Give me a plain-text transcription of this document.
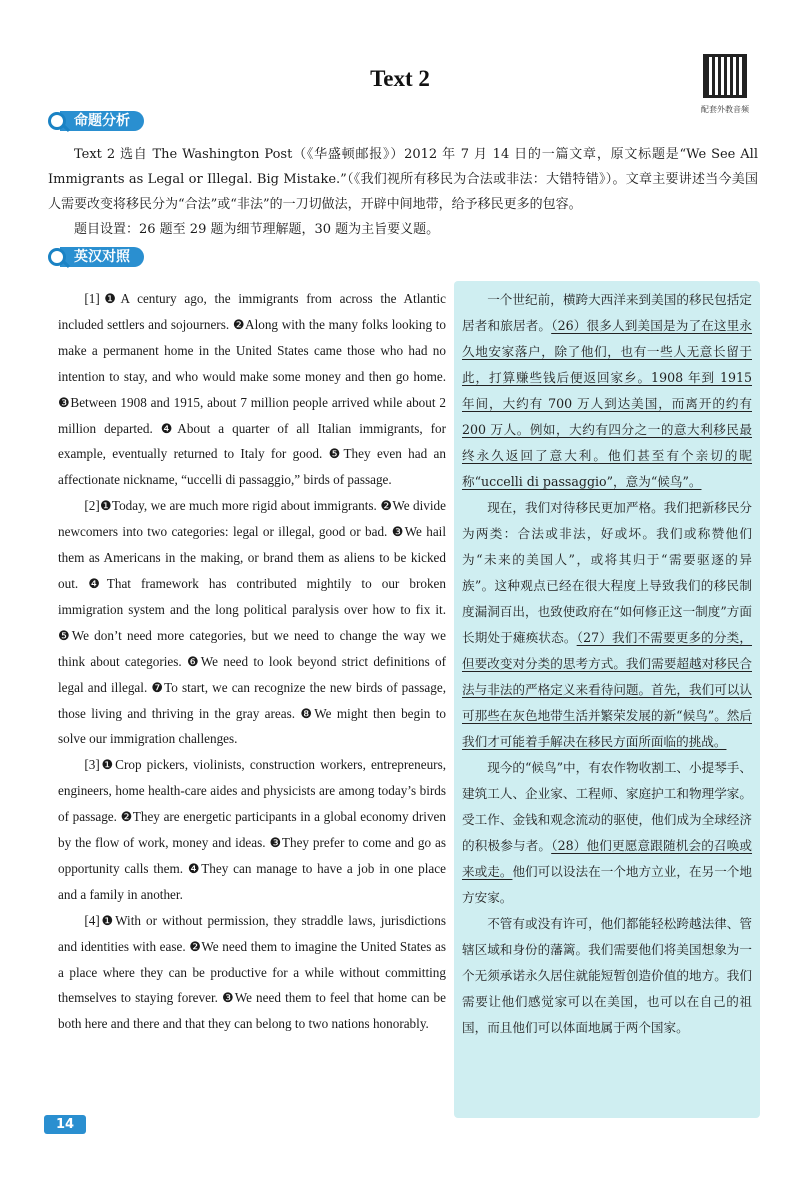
Text 2
配套外教音频
命题分析

Text 2 选自 The Washington Post（《华盛顿邮报》）2012 年 7 月 14 日的一篇文章，原文标题是“We See All Immigrants as Legal or Illegal. Big Mistake.”（《我们视所有移民为合法或非法：大错特错》）。文章主要讲述当今美国人需要改变将移民分为“合法”或“非法”的一刀切做法，开辟中间地带，给予移民更多的包容。

题目设置：26 题至 29 题为细节理解题，30 题为主旨要义题。

英汉对照

[1]❶A century ago, the immigrants from across the Atlantic included settlers and sojourners. ❷Along with the many folks looking to make a permanent home in the United States came those who had no intention to stay, and who would make some money and then go home. ❸Between 1908 and 1915, about 7 million people arrived while about 2 million departed. ❹About a quarter of all Italian immigrants, for example, eventually returned to Italy for good. ❺They even had an affectionate nickname, “uccelli di passaggio,” birds of passage.

[2]❶Today, we are much more rigid about immigrants. ❷We divide newcomers into two categories: legal or illegal, good or bad. ❸We hail them as Americans in the making, or brand them as aliens to be kicked out. ❹That framework has contributed mightily to our broken immigration system and the long political paralysis over how to fix it. ❺We don’t need more categories, but we need to change the way we think about categories. ❻We need to look beyond strict definitions of legal and illegal. ❼To start, we can recognize the new birds of passage, those living and thriving in the gray areas. ❽We might then begin to solve our immigration challenges.

[3]❶Crop pickers, violinists, construction workers, entrepreneurs, engineers, home health-care aides and physicists are among today’s birds of passage. ❷They are energetic participants in a global economy driven by the flow of work, money and ideas. ❸They prefer to come and go as opportunity calls them. ❹They can manage to have a job in one place and a family in another.

[4]❶With or without permission, they straddle laws, jurisdictions and identities with ease. ❷We need them to imagine the United States as a place where they can be productive for a while without committing themselves to staying forever. ❸We need them to feel that home can be both here and there and that they can belong to two nations honorably.

一个世纪前，横跨大西洋来到美国的移民包括定居者和旅居者。（26）很多人到美国是为了在这里永久地安家落户，除了他们，也有一些人无意长留于此，打算赚些钱后便返回家乡。1908 年到 1915 年间，大约有 700 万人到达美国，而离开的约有 200 万人。例如，大约有四分之一的意大利移民最终永久返回了意大利。他们甚至有个亲切的昵称“uccelli di passaggio”，意为“候鸟”。

现在，我们对待移民更加严格。我们把新移民分为两类：合法或非法，好或坏。我们或称赞他们为“未来的美国人”，或将其归于“需要驱逐的异族”。这种观点已经在很大程度上导致我们的移民制度漏洞百出，也致使政府在“如何修正这一制度”方面长期处于瘫痪状态。（27）我们不需要更多的分类，但要改变对分类的思考方式。我们需要超越对移民合法与非法的严格定义来看待问题。首先，我们可以认可那些在灰色地带生活并繁荣发展的新“候鸟”。然后我们才可能着手解决在移民方面所面临的挑战。

现今的“候鸟”中，有农作物收割工、小提琴手、建筑工人、企业家、工程师、家庭护工和物理学家。受工作、金钱和观念流动的驱使，他们成为全球经济的积极参与者。（28）他们更愿意跟随机会的召唤或来或走。他们可以设法在一个地方立业，在另一个地方安家。

不管有或没有许可，他们都能轻松跨越法律、管辖区域和身份的藩篱。我们需要他们将美国想象为一个无须承诺永久居住就能短暂创造价值的地方。我们需要让他们感觉家可以在美国，也可以在自己的祖国，而且他们可以体面地属于两个国家。

14
